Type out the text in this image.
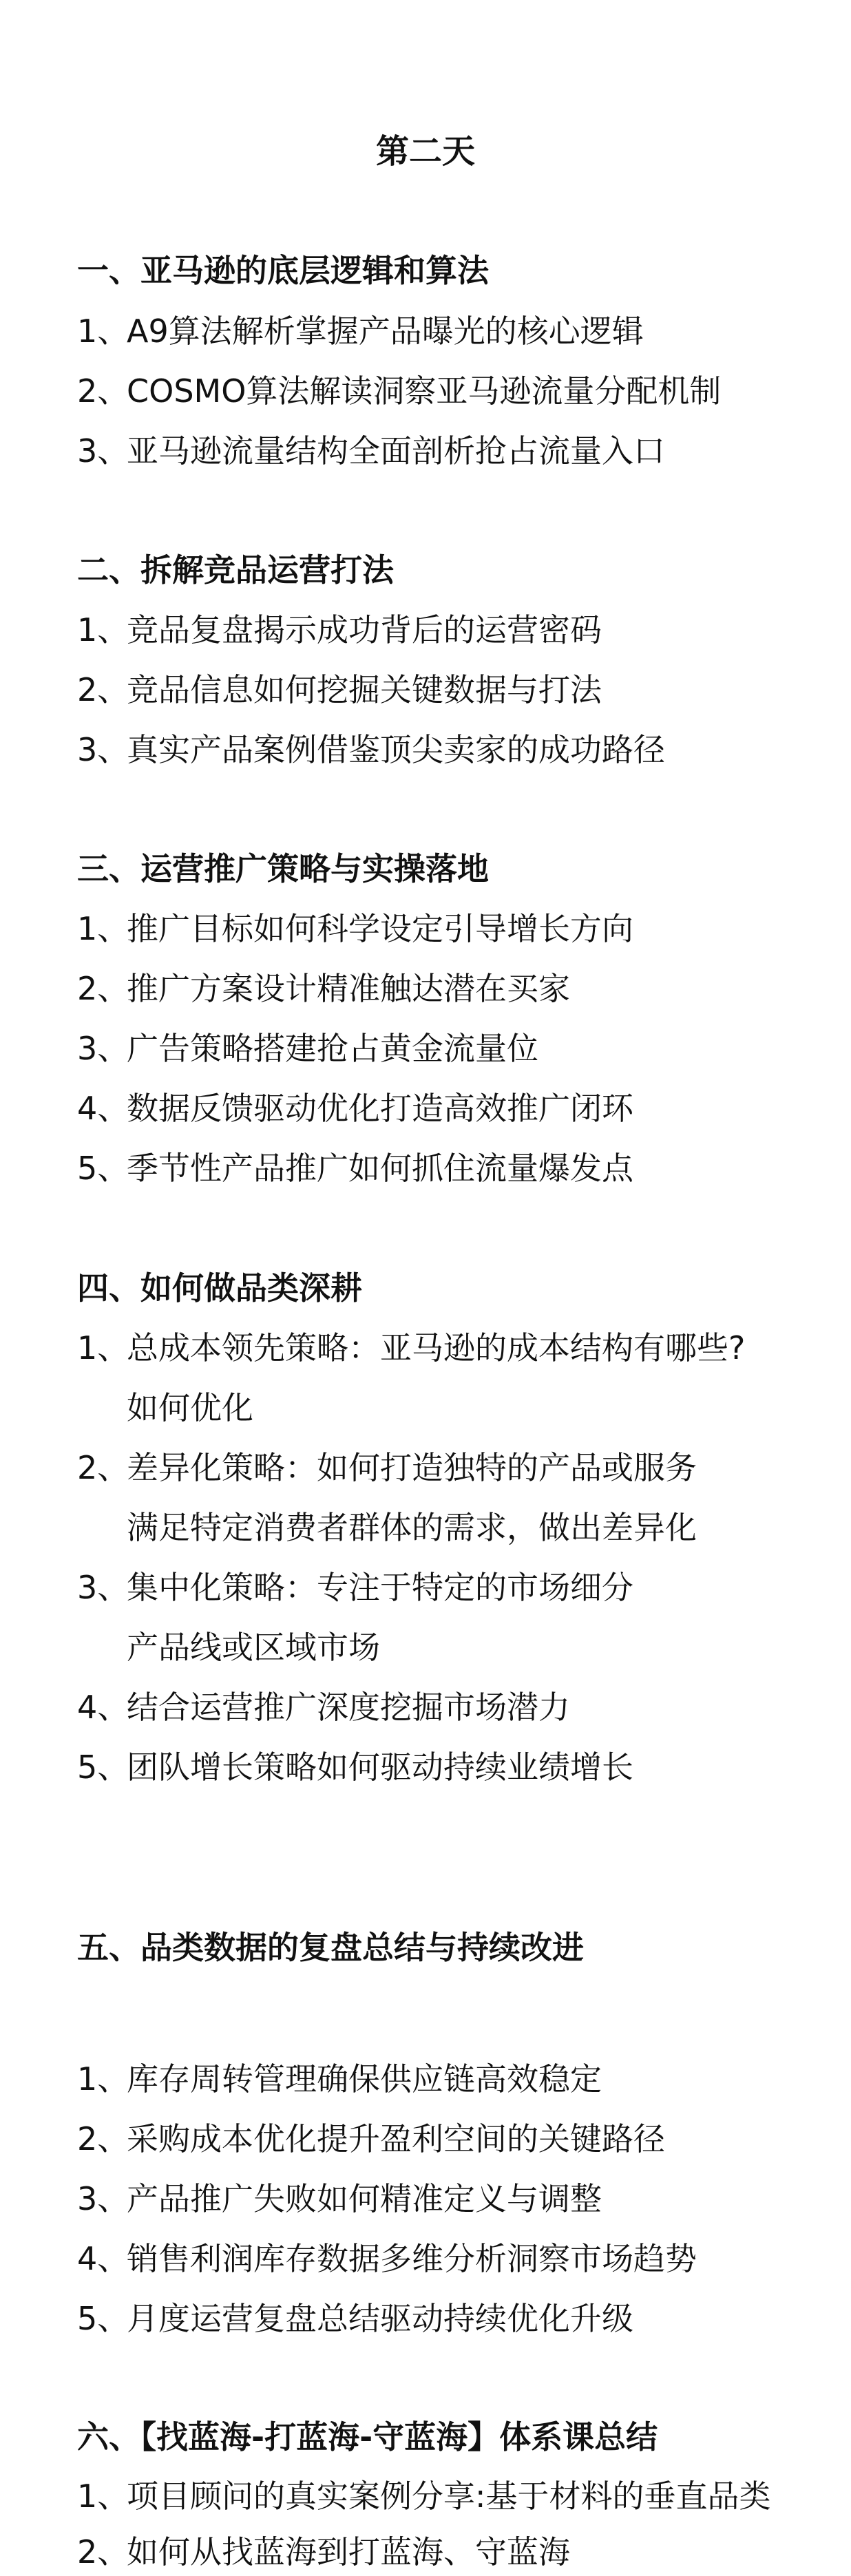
第二天
一、亚马逊的底层逻辑和算法
1、A9算法解析掌握产品曝光的核心逻辑
2、COSMO算法解读洞察亚马逊流量分配机制
3、亚马逊流量结构全面剖析抢占流量入口
二、拆解竞品运营打法
1、竞品复盘揭示成功背后的运营密码
2、竞品信息如何挖掘关键数据与打法
3、真实产品案例借鉴顶尖卖家的成功路径
三、运营推广策略与实操落地
1、推广目标如何科学设定引导增长方向
2、推广方案设计精准触达潜在买家
3、广告策略搭建抢占黄金流量位
4、数据反馈驱动优化打造高效推广闭环
5、季节性产品推广如何抓住流量爆发点
四、如何做品类深耕
1、总成本领先策略：亚马逊的成本结构有哪些?
如何优化
2、差异化策略：如何打造独特的产品或服务
满足特定消费者群体的需求，做出差异化
3、集中化策略：专注于特定的市场细分
产品线或区域市场
4、结合运营推广深度挖掘市场潜力
5、团队增长策略如何驱动持续业绩增长
五、品类数据的复盘总结与持续改进
1、库存周转管理确保供应链高效稳定
2、采购成本优化提升盈利空间的关键路径
3、产品推广失败如何精准定义与调整
4、销售利润库存数据多维分析洞察市场趋势
5、月度运营复盘总结驱动持续优化升级
六、【找蓝海-打蓝海-守蓝海】体系课总结
1、项目顾问的真实案例分享:基于材料的垂直品类
2、如何从找蓝海到打蓝海、守蓝海
